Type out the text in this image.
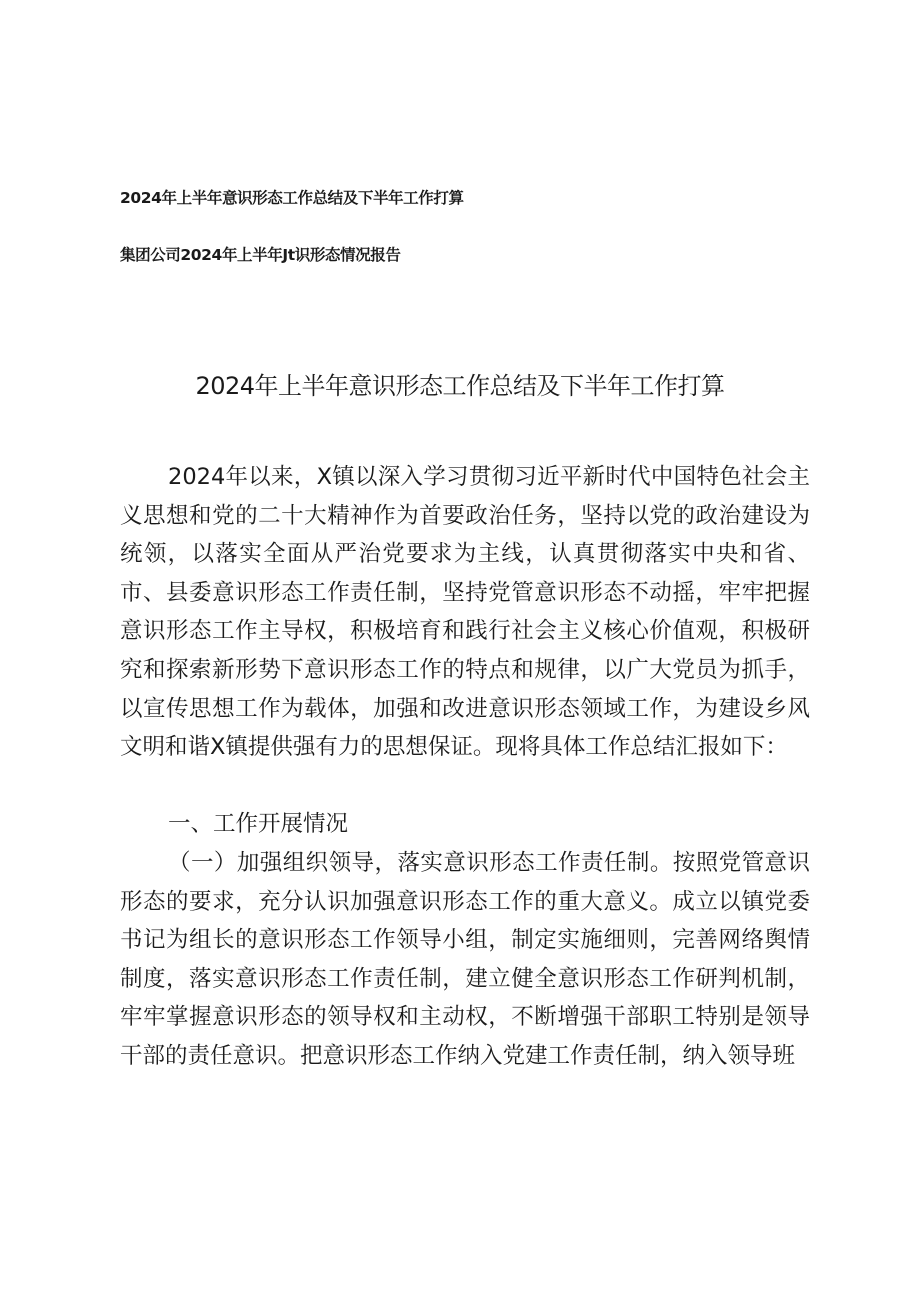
2024年上半年意识形态工作总结及下半年工作打算
集团公司2024年上半年Jt识形态情况报告
2024年上半年意识形态工作总结及下半年工作打算

2024年以来，X镇以深入学习贯彻习近平新时代中国特色社会主义思想和党的二十大精神作为首要政治任务，坚持以党的政治建设为统领，以落实全面从严治党要求为主线，认真贯彻落实中央和省、市、县委意识形态工作责任制，坚持党管意识形态不动摇，牢牢把握意识形态工作主导权，积极培育和践行社会主义核心价值观，积极研究和探索新形势下意识形态工作的特点和规律，以广大党员为抓手，以宣传思想工作为载体，加强和改进意识形态领域工作，为建设乡风文明和谐X镇提供强有力的思想保证。现将具体工作总结汇报如下：

一、工作开展情况

（一）加强组织领导，落实意识形态工作责任制。按照党管意识形态的要求，充分认识加强意识形态工作的重大意义。成立以镇党委书记为组长的意识形态工作领导小组，制定实施细则，完善网络舆情制度，落实意识形态工作责任制，建立健全意识形态工作研判机制，牢牢掌握意识形态的领导权和主动权，不断增强干部职工特别是领导干部的责任意识。把意识形态工作纳入党建工作责任制，纳入领导班
